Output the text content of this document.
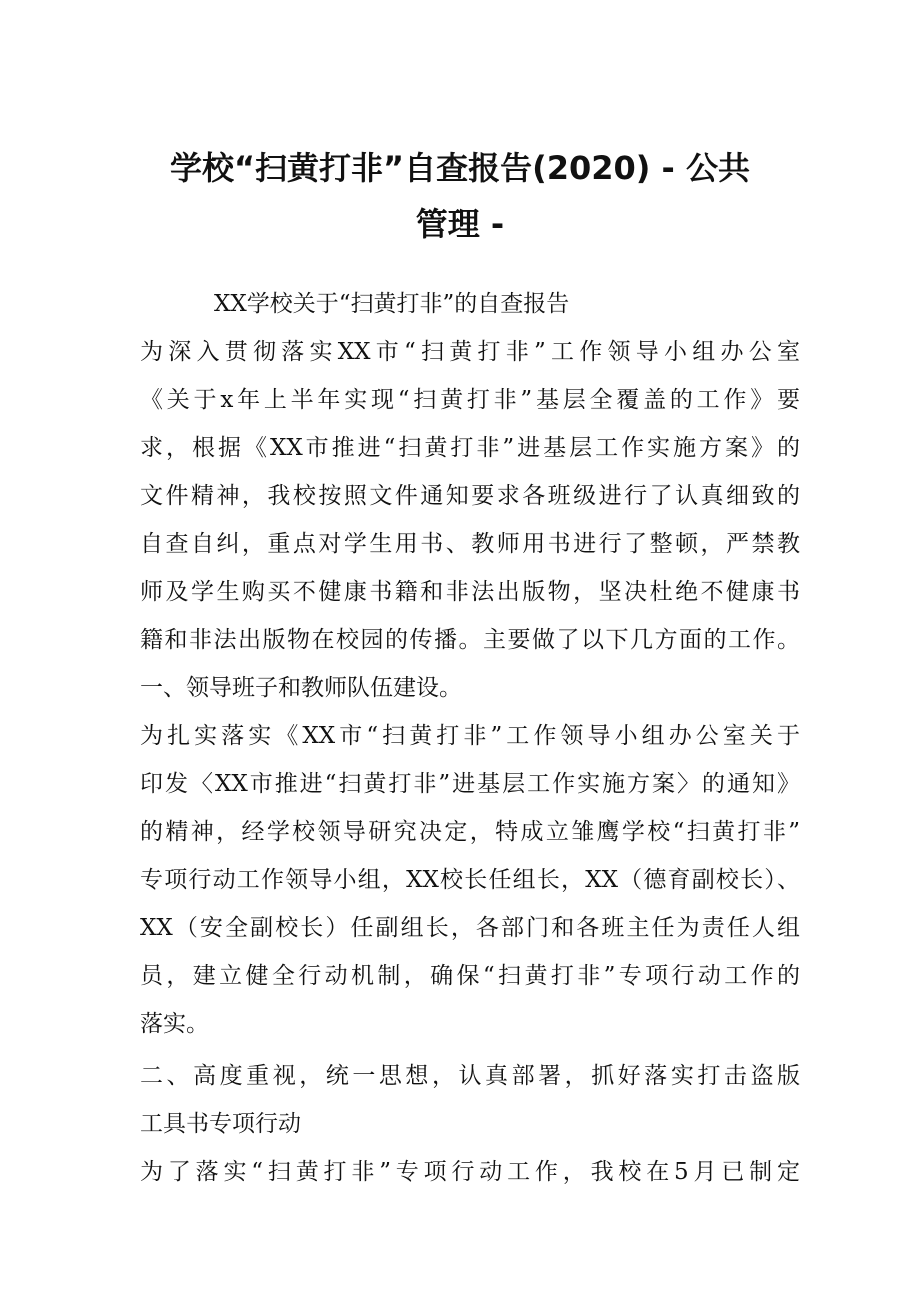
学校“扫黄打非”自查报告(2020) - 公共
管理 -
XX学校关于“扫黄打非”的自查报告
为深入贯彻落实XX市“扫黄打非”工作领导小组办公室
《关于x年上半年实现“扫黄打非”基层全覆盖的工作》要
求，根据《XX市推进“扫黄打非”进基层工作实施方案》的
文件精神，我校按照文件通知要求各班级进行了认真细致的
自查自纠，重点对学生用书、教师用书进行了整顿，严禁教
师及学生购买不健康书籍和非法出版物，坚决杜绝不健康书
籍和非法出版物在校园的传播。主要做了以下几方面的工作。
一、领导班子和教师队伍建设。
为扎实落实《XX市“扫黄打非”工作领导小组办公室关于
印发〈XX市推进“扫黄打非”进基层工作实施方案〉的通知》
的精神，经学校领导研究决定，特成立雏鹰学校“扫黄打非”
专项行动工作领导小组，XX校长任组长，XX（德育副校长）、
XX（安全副校长）任副组长，各部门和各班主任为责任人组
员，建立健全行动机制，确保“扫黄打非”专项行动工作的
落实。
二、高度重视，统一思想，认真部署，抓好落实打击盗版
工具书专项行动
为了落实“扫黄打非”专项行动工作，我校在5月已制定
